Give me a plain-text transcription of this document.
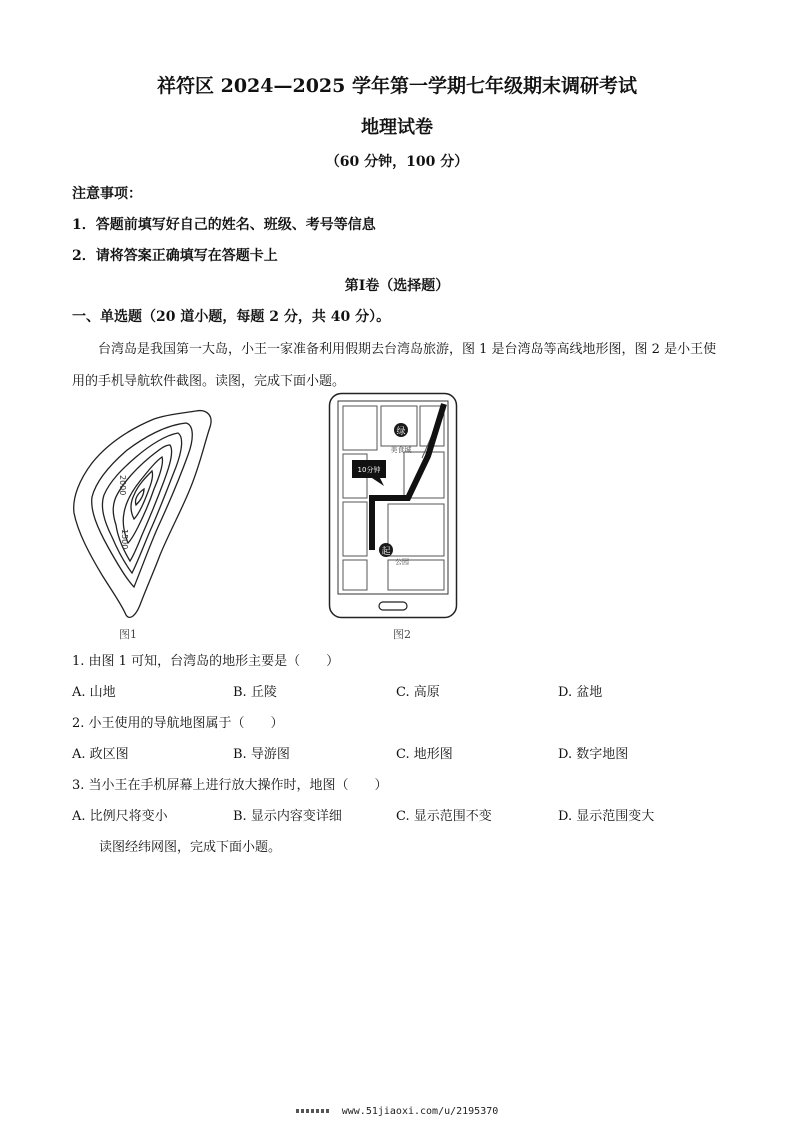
祥符区 2024—2025 学年第一学期七年级期末调研考试
地理试卷
（60 分钟，100 分）
注意事项：
1．答题前填写好自己的姓名、班级、考号等信息
2．请将答案正确填写在答题卡上
第Ⅰ卷（选择题）
一、单选题（20 道小题，每题 2 分，共 40 分）。
台湾岛是我国第一大岛，小王一家准备利用假期去台湾岛旅游，图 1 是台湾岛等高线地形图，图 2 是小王使用的手机导航软件截图。读图，完成下面小题。
2000
1500
图1
绿
美食城
10分钟
起
公园
图2
1. 由图 1 可知，台湾岛的地形主要是（　　）
A. 山地	B. 丘陵	C. 高原	D. 盆地
2. 小王使用的导航地图属于（　　）
A. 政区图	B. 导游图	C. 地形图	D. 数字地图
3. 当小王在手机屏幕上进行放大操作时，地图（　　）
A. 比例尺将变小	B. 显示内容变详细	C. 显示范围不变	D. 显示范围变大
读图经纬网图，完成下面小题。
www.51jiaoxi.com/u/2195370
